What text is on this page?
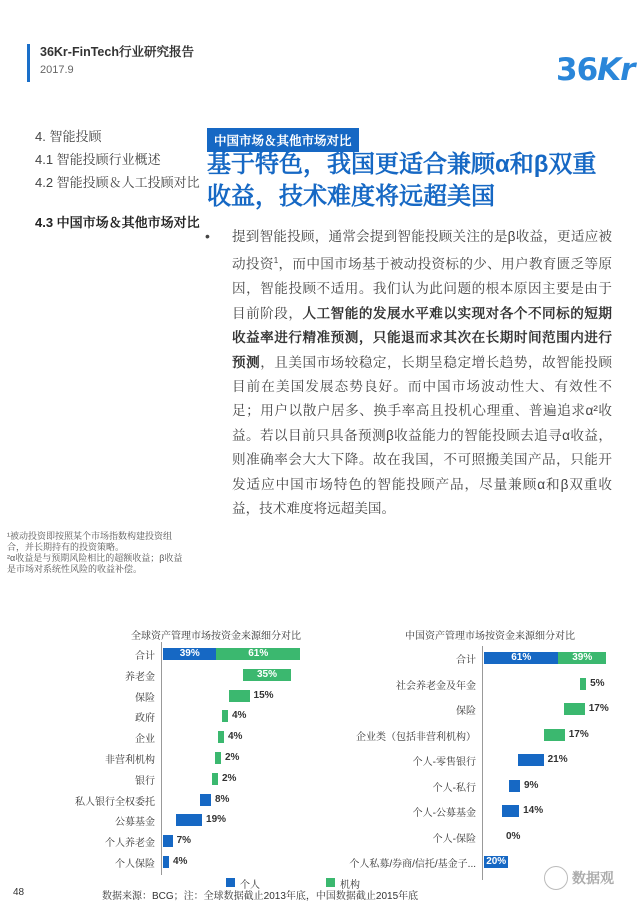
36Kr-FinTech行业研究报告
2017.9	36Kr
4. 智能投顾
4.1 智能投顾行业概述
4.2 智能投顾＆人工投顾对比
4.3 中国市场＆其他市场对比
中国市场＆其他市场对比
基于特色，我国更适合兼顾α和β双重收益，技术难度将远超美国
• 提到智能投顾，通常会提到智能投顾关注的是β收益，更适应被动投资$^1$，而中国市场基于被动投资标的少、用户教育匮乏等原因，智能投顾不适用。我们认为此问题的根本原因主要是由于目前阶段，人工智能的发展水平难以实现对各个不同标的短期收益率进行精准预测，只能退而求其次在长期时间范围内进行预测，且美国市场较稳定，长期呈稳定增长趋势，故智能投顾目前在美国发展态势良好。而中国市场波动性大、有效性不足；用户以散户居多、换手率高且投机心理重、普遍追求α²收益。若以目前只具备预测β收益能力的智能投顾去追寻α收益，则准确率会大大下降。故在我国，不可照搬美国产品，只能开发适应中国市场特色的智能投顾产品，尽量兼顾α和β双重收益，技术难度将远超美国。
¹被动投资即按照某个市场指数构建投资组合，并长期持有的投资策略。
²α收益是与预期风险相比的超额收益；β收益是市场对系统性风险的收益补偿。
全球资产管理市场按资金来源细分对比	中国资产管理市场按资金来源细分对比
个人	机构
48	数据来源：BCG；注：全球数据截止2013年底，中国数据截止2015年底
数据观
合计 39%	61%
养老金	35%
保险	15%
政府	4%
企业	4%
非营利机构	2%
银行	2%
私人银行全权委托	8%
公募基金	19%
个人养老金 7%
个人保险 4%
合计	61%	39%
社会养老金及年金	5%
保险	17%
企业类（包括非营利机构）	17%
个人-零售银行	21%
个人-私行	9%
个人-公募基金	14%
个人-保险	0%
个人私募/券商/信托/基金子... 20%
